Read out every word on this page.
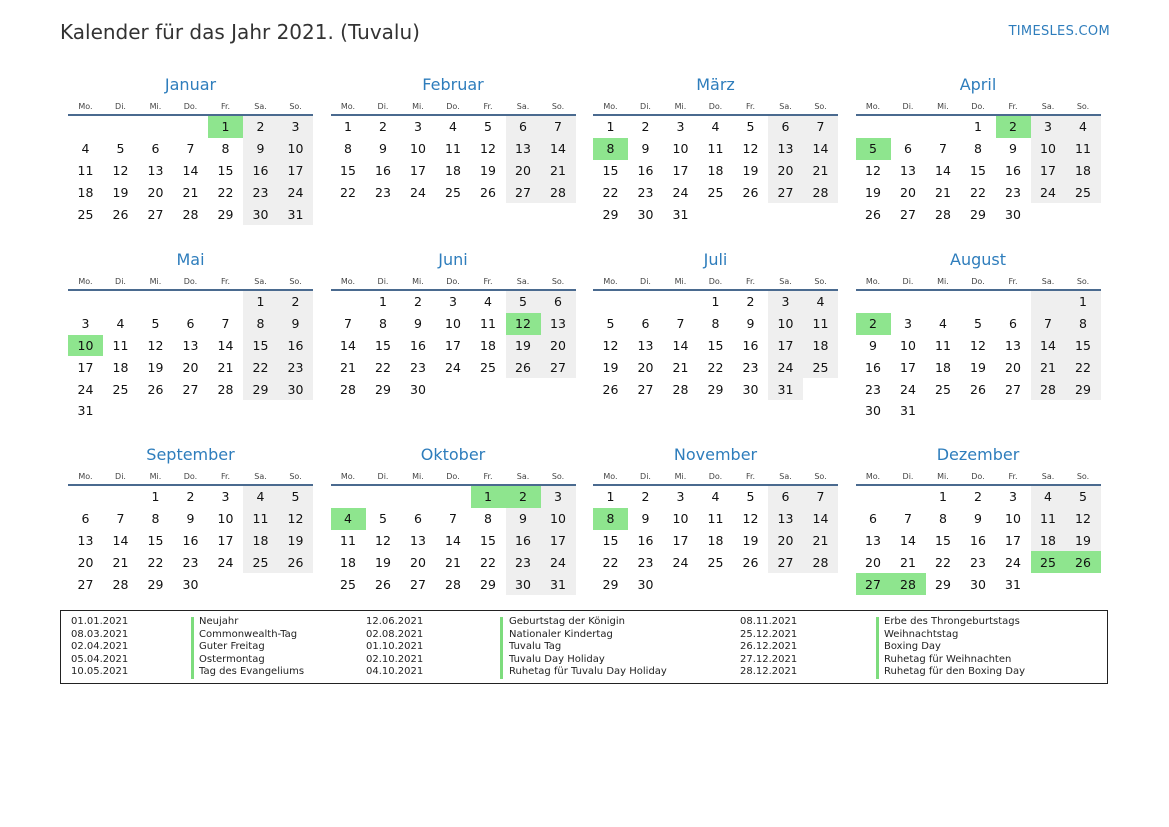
Kalender für das Jahr 2021. (Tuvalu)	TIMESLES.COM
Januar
Mo.	Di.	Mi.	Do.	Fr.	Sa.	So.
				1	2	3
4	5	6	7	8	9	10
11	12	13	14	15	16	17
18	19	20	21	22	23	24
25	26	27	28	29	30	31
Februar
Mo.	Di.	Mi.	Do.	Fr.	Sa.	So.
1	2	3	4	5	6	7
8	9	10	11	12	13	14
15	16	17	18	19	20	21
22	23	24	25	26	27	28
März
Mo.	Di.	Mi.	Do.	Fr.	Sa.	So.
1	2	3	4	5	6	7
8	9	10	11	12	13	14
15	16	17	18	19	20	21
22	23	24	25	26	27	28
29	30	31				
April
Mo.	Di.	Mi.	Do.	Fr.	Sa.	So.
			1	2	3	4
5	6	7	8	9	10	11
12	13	14	15	16	17	18
19	20	21	22	23	24	25
26	27	28	29	30		
Mai
Mo.	Di.	Mi.	Do.	Fr.	Sa.	So.
					1	2
3	4	5	6	7	8	9
10	11	12	13	14	15	16
17	18	19	20	21	22	23
24	25	26	27	28	29	30
31						
Juni
Mo.	Di.	Mi.	Do.	Fr.	Sa.	So.
	1	2	3	4	5	6
7	8	9	10	11	12	13
14	15	16	17	18	19	20
21	22	23	24	25	26	27
28	29	30				
Juli
Mo.	Di.	Mi.	Do.	Fr.	Sa.	So.
			1	2	3	4
5	6	7	8	9	10	11
12	13	14	15	16	17	18
19	20	21	22	23	24	25
26	27	28	29	30	31	
August
Mo.	Di.	Mi.	Do.	Fr.	Sa.	So.
						1
2	3	4	5	6	7	8
9	10	11	12	13	14	15
16	17	18	19	20	21	22
23	24	25	26	27	28	29
30	31					
September
Mo.	Di.	Mi.	Do.	Fr.	Sa.	So.
		1	2	3	4	5
6	7	8	9	10	11	12
13	14	15	16	17	18	19
20	21	22	23	24	25	26
27	28	29	30			
Oktober
Mo.	Di.	Mi.	Do.	Fr.	Sa.	So.
				1	2	3
4	5	6	7	8	9	10
11	12	13	14	15	16	17
18	19	20	21	22	23	24
25	26	27	28	29	30	31
November
Mo.	Di.	Mi.	Do.	Fr.	Sa.	So.
1	2	3	4	5	6	7
8	9	10	11	12	13	14
15	16	17	18	19	20	21
22	23	24	25	26	27	28
29	30					
Dezember
Mo.	Di.	Mi.	Do.	Fr.	Sa.	So.
		1	2	3	4	5
6	7	8	9	10	11	12
13	14	15	16	17	18	19
20	21	22	23	24	25	26
27	28	29	30	31		
01.01.2021	Neujahr
08.03.2021	Commonwealth-Tag
02.04.2021	Guter Freitag
05.04.2021	Ostermontag
10.05.2021	Tag des Evangeliums
12.06.2021	Geburtstag der Königin
02.08.2021	Nationaler Kindertag
01.10.2021	Tuvalu Tag
02.10.2021	Tuvalu Day Holiday
04.10.2021	Ruhetag für Tuvalu Day Holiday
08.11.2021	Erbe des Throngeburtstags
25.12.2021	Weihnachtstag
26.12.2021	Boxing Day
27.12.2021	Ruhetag für Weihnachten
28.12.2021	Ruhetag für den Boxing Day
